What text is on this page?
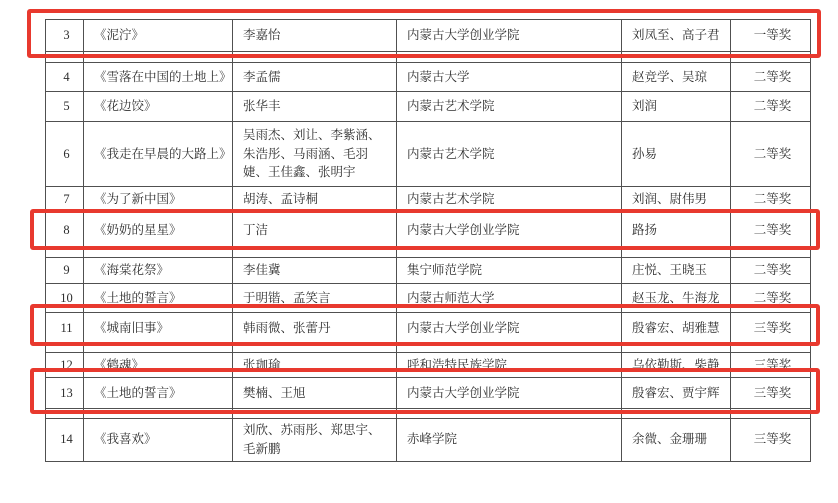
3	《泥泞》	李嘉怡	内蒙古大学创业学院	刘凤至、高子君	一等奖

4	《雪落在中国的土地上》	李孟儒	内蒙古大学	赵竞学、吴琼	二等奖
5	《花边饺》	张华丰	内蒙古艺术学院	刘润	二等奖
6	《我走在早晨的大路上》	吴雨杰、刘让、李紫涵、朱浩彤、马雨涵、毛羽婕、王佳鑫、张明宇	内蒙古艺术学院	孙易	二等奖
7	《为了新中国》	胡涛、孟诗桐	内蒙古艺术学院	刘润、尉伟男	二等奖
8	《奶奶的星星》	丁洁	内蒙古大学创业学院	路扬	二等奖

9	《海棠花祭》	李佳冀	集宁师范学院	庄悦、王晓玉	二等奖
10	《土地的誓言》	于明锴、孟笑言	内蒙古师范大学	赵玉龙、牛海龙	二等奖
11	《城南旧事》	韩雨微、张蕾丹	内蒙古大学创业学院	殷睿宏、胡雅慧	三等奖

12	《鹤魂》	张珈瑜	呼和浩特民族学院	乌依勤斯、柴静	三等奖
13	《土地的誓言》	樊楠、王旭	内蒙古大学创业学院	殷睿宏、贾宇辉	三等奖

14	《我喜欢》	刘欣、苏雨彤、郑思宇、毛新鹏	赤峰学院	余微、金珊珊	三等奖
